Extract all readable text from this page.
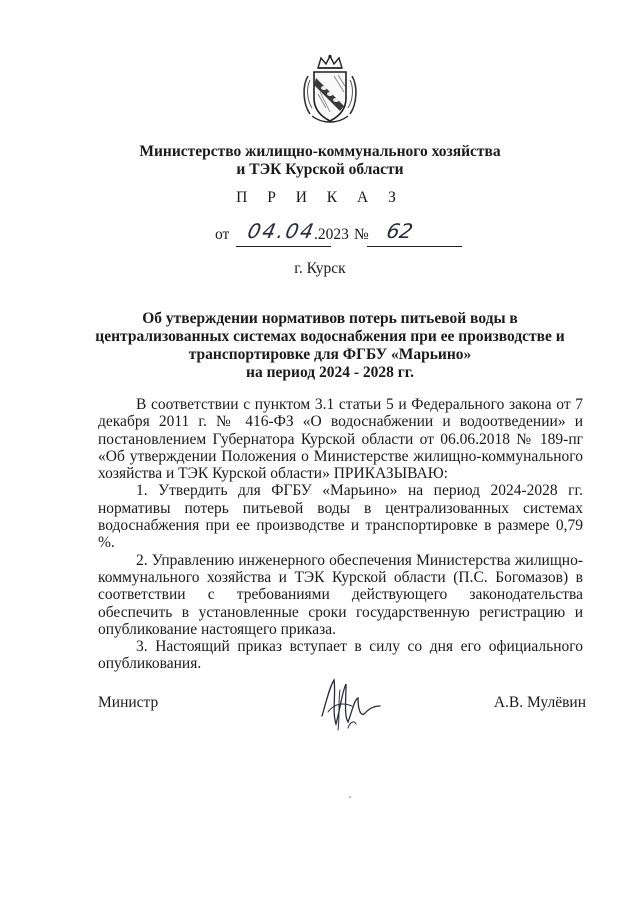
Министерство жилищно-коммунального хозяйства
и ТЭК Курской области
П Р И К А З
от 04.04
.2023 № 62
г. Курск
Об утверждении нормативов потерь питьевой воды в
централизованных системах водоснабжения при ее производстве и
транспортировке для ФГБУ «Марьино»
на период 2024 - 2028 гг.

В соответствии с пунктом 3.1 статьи 5 и Федерального закона от 7 декабря 2011 г. № 416-ФЗ «О водоснабжении и водоотведении» и постановлением Губернатора Курской области от 06.06.2018 № 189-пг «Об утверждении Положения о Министерстве жилищно-коммунального хозяйства и ТЭК Курской области» ПРИКАЗЫВАЮ:

1. Утвердить для ФГБУ «Марьино» на период 2024-2028 гг. нормативы потерь питьевой воды в централизованных системах водоснабжения при ее производстве и транспортировке в размере 0,79 %.

2. Управлению инженерного обеспечения Министерства жилищно-коммунального хозяйства и ТЭК Курской области (П.С. Богомазов) в соответствии с требованиями действующего законодательства обеспечить в установленные сроки государственную регистрацию и опубликование настоящего приказа.

3. Настоящий приказ вступает в силу со дня его официального опубликования.

Министр	А.В. Мулёвин
